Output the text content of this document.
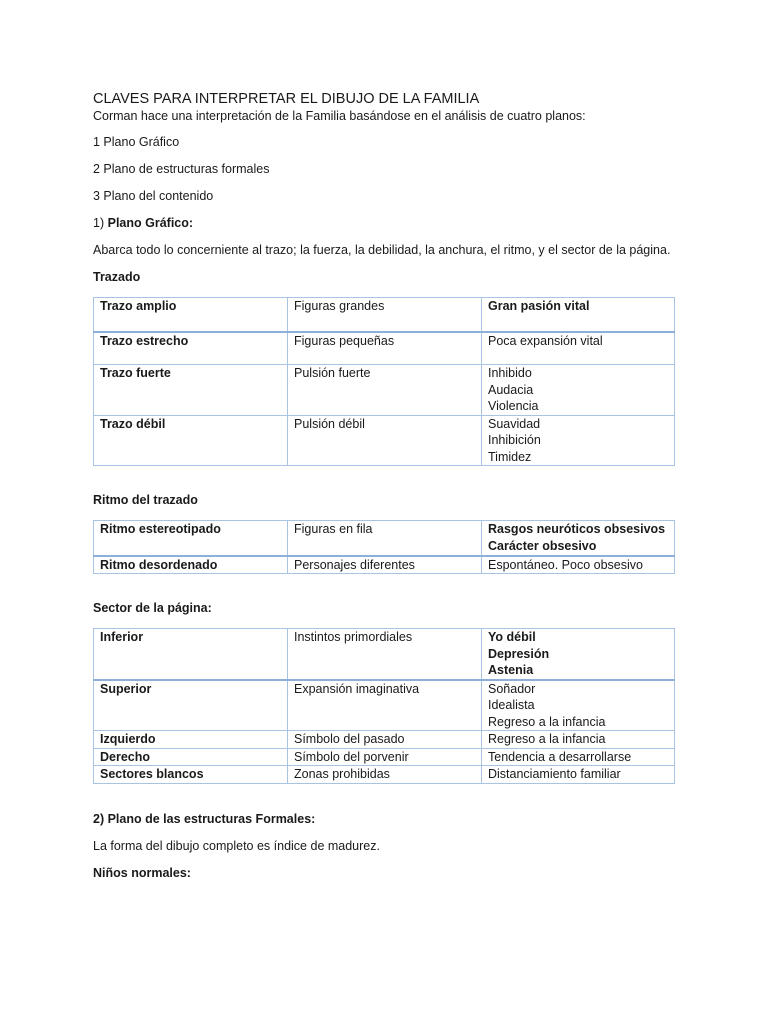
CLAVES PARA INTERPRETAR EL DIBUJO DE LA FAMILIA

Corman hace una interpretación de la Familia basándose en el análisis de cuatro planos:

1 Plano Gráfico

2 Plano de estructuras formales

3 Plano del contenido

1) Plano Gráfico:

Abarca todo lo concerniente al trazo; la fuerza, la debilidad, la anchura, el ritmo, y el sector de la página.

Trazado

Trazo amplio	Figuras grandes	Gran pasión vital

Trazo estrecho	Figuras pequeñas	Poca expansión vital

Trazo fuerte	Pulsión fuerte	Inhibido
Audacia
Violencia

Trazo débil	Pulsión débil	Suavidad
Inhibición
Timidez

Ritmo del trazado

Ritmo estereotipado	Figuras en fila	Rasgos neuróticos obsesivos
Carácter obsesivo

Ritmo desordenado	Personajes diferentes	Espontáneo. Poco obsesivo

Sector de la página:

Inferior	Instintos primordiales	Yo débil
Depresión
Astenia

Superior	Expansión imaginativa	Soñador
Idealista
Regreso a la infancia

Izquierdo	Símbolo del pasado	Regreso a la infancia

Derecho	Símbolo del porvenir	Tendencia a desarrollarse

Sectores blancos	Zonas prohibidas	Distanciamiento familiar

2) Plano de las estructuras Formales:

La forma del dibujo completo es índice de madurez.

Niños normales:
